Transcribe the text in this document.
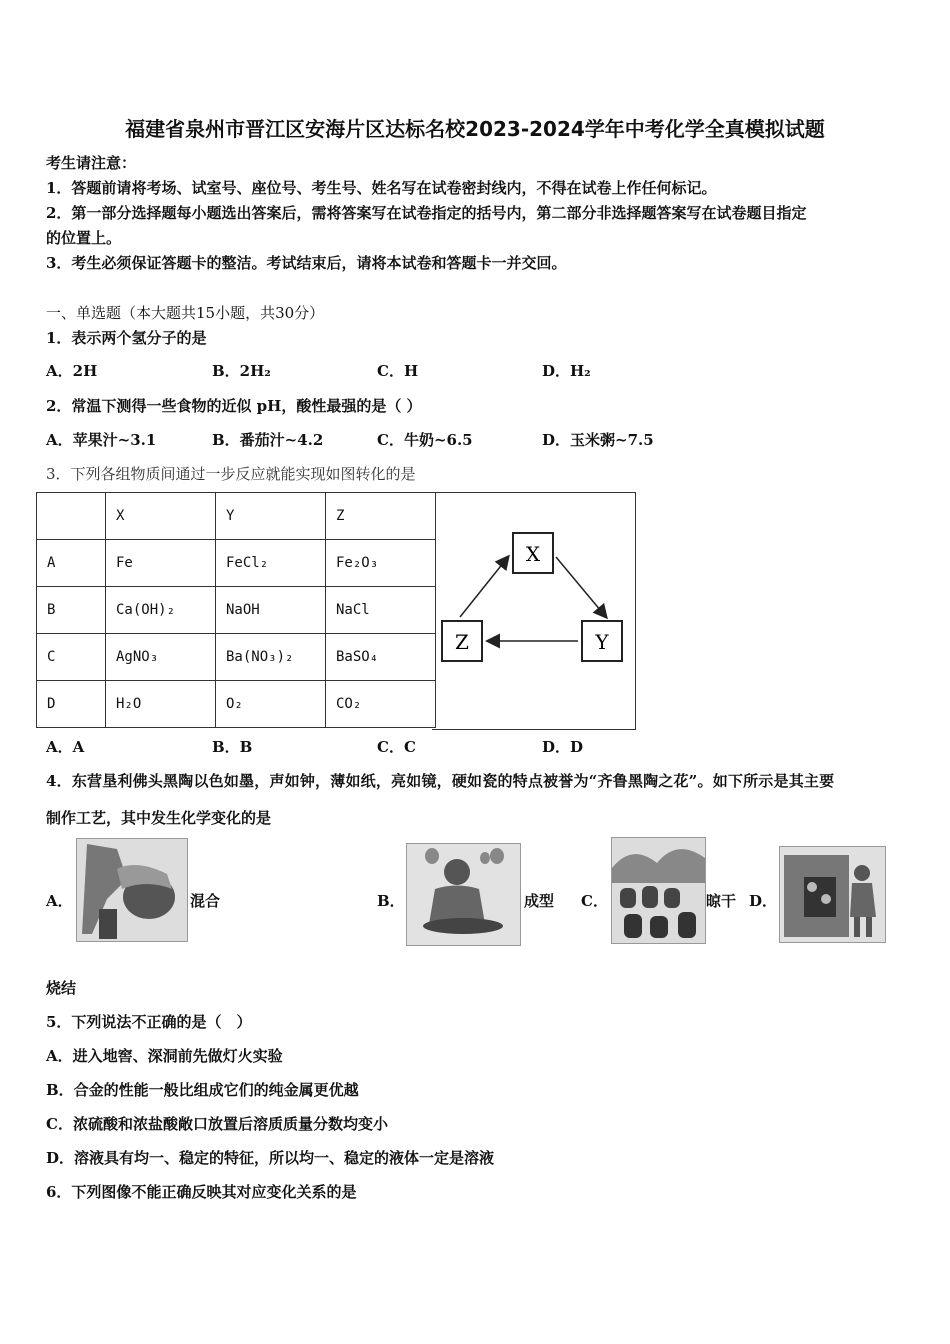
福建省泉州市晋江区安海片区达标名校2023-2024学年中考化学全真模拟试题
考生请注意：
1．答题前请将考场、试室号、座位号、考生号、姓名写在试卷密封线内，不得在试卷上作任何标记。
2．第一部分选择题每小题选出答案后，需将答案写在试卷指定的括号内，第二部分非选择题答案写在试卷题目指定
的位置上。
3．考生必须保证答题卡的整洁。考试结束后，请将本试卷和答题卡一并交回。
一、单选题（本大题共15小题，共30分）
1．表示两个氢分子的是
A．2H	B．2H₂	C．H	D．H₂
2．常温下测得一些食物的近似 pH，酸性最强的是（ ）
A．苹果汁~3.1	B．番茄汁~4.2	C．牛奶~6.5	D．玉米粥~7.5
3．下列各组物质间通过一步反应就能实现如图转化的是
	X	Y	Z
A	Fe	FeCl₂	Fe₂O₃
B	Ca(OH)₂	NaOH	NaCl
C	AgNO₃	Ba(NO₃)₂	BaSO₄
D	H₂O	O₂	CO₂
X
Y
Z
A．A	B．B	C．C	D．D
4．东营垦利佛头黑陶以色如墨，声如钟，薄如纸，亮如镜，硬如瓷的特点被誉为“齐鲁黑陶之花”。如下所示是其主要
制作工艺，其中发生化学变化的是
A．	混合	B．	成型 C．	晾干 D．
烧结
5．下列说法不正确的是（　）
A．进入地窖、深洞前先做灯火实验
B．合金的性能一般比组成它们的纯金属更优越
C．浓硫酸和浓盐酸敞口放置后溶质质量分数均变小
D．溶液具有均一、稳定的特征，所以均一、稳定的液体一定是溶液
6．下列图像不能正确反映其对应变化关系的是
